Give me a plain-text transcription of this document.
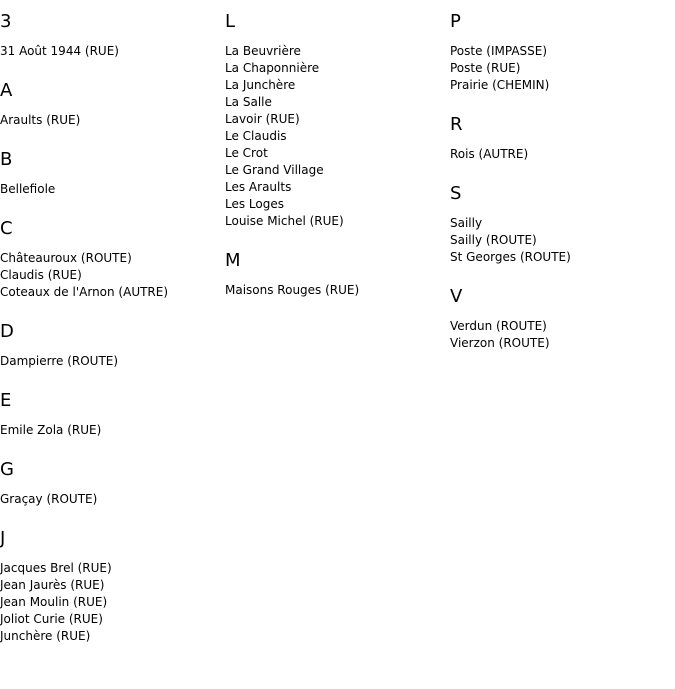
3
31 Août 1944 (RUE)
A
Araults (RUE)
B
Bellefiole
C
Châteauroux (ROUTE)
Claudis (RUE)
Coteaux de l'Arnon (AUTRE)
D
Dampierre (ROUTE)
E
Emile Zola (RUE)
G
Graçay (ROUTE)
J
Jacques Brel (RUE)
Jean Jaurès (RUE)
Jean Moulin (RUE)
Joliot Curie (RUE)
Junchère (RUE)
L
La Beuvrière
La Chaponnière
La Junchère
La Salle
Lavoir (RUE)
Le Claudis
Le Crot
Le Grand Village
Les Araults
Les Loges
Louise Michel (RUE)
M
Maisons Rouges (RUE)
P
Poste (IMPASSE)
Poste (RUE)
Prairie (CHEMIN)
R
Rois (AUTRE)
S
Sailly
Sailly (ROUTE)
St Georges (ROUTE)
V
Verdun (ROUTE)
Vierzon (ROUTE)
